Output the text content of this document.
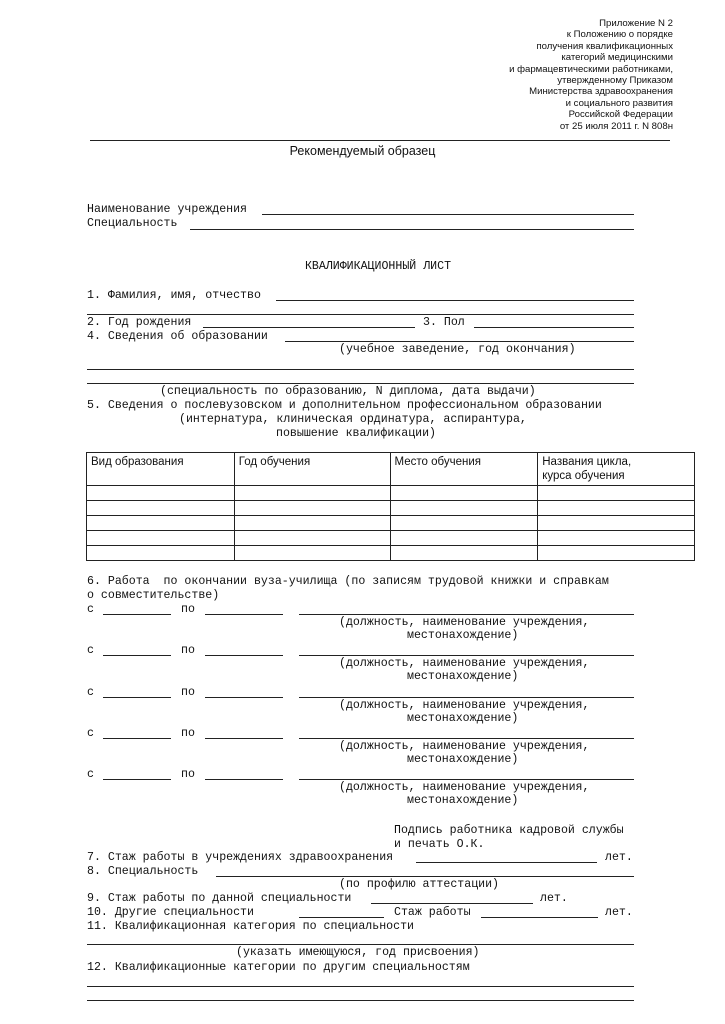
Приложение N 2
к Положению о порядке
получения квалификационных
категорий медицинскими
и фармацевтическими работниками,
утвержденному Приказом
Министерства здравоохранения
и социального развития
Российской Федерации
от 25 июля 2011 г. N 808н
Рекомендуемый образец
Наименование учреждения
Специальность
КВАЛИФИКАЦИОННЫЙ ЛИСТ
1. Фамилия, имя, отчество
2. Год рождения	3. Пол
4. Сведения об образовании
(учебное заведение, год окончания)
(специальность по образованию, N диплома, дата выдачи)
5. Сведения о послевузовском и дополнительном профессиональном образовании
(интернатура, клиническая ординатура, аспирантура,
повышение квалификации)
Вид образования	Год обучения	Место обучения	Названия цикла,
курса обучения

6. Работа  по окончании вуза-училища (по записям трудовой книжки и справкам
о совместительстве)
с	по
(должность, наименование учреждения,
местонахождение)
с	по
(должность, наименование учреждения,
местонахождение)
с	по
(должность, наименование учреждения,
местонахождение)
с	по
(должность, наименование учреждения,
местонахождение)
с	по
(должность, наименование учреждения,
местонахождение)
Подпись работника кадровой службы
и печать О.К.
7. Стаж работы в учреждениях здравоохранения	лет.
8. Специальность
(по профилю аттестации)
9. Стаж работы по данной специальности	лет.
10. Другие специальности	Стаж работы	лет.
11. Квалификационная категория по специальности
(указать имеющуюся, год присвоения)
12. Квалификационные категории по другим специальностям
